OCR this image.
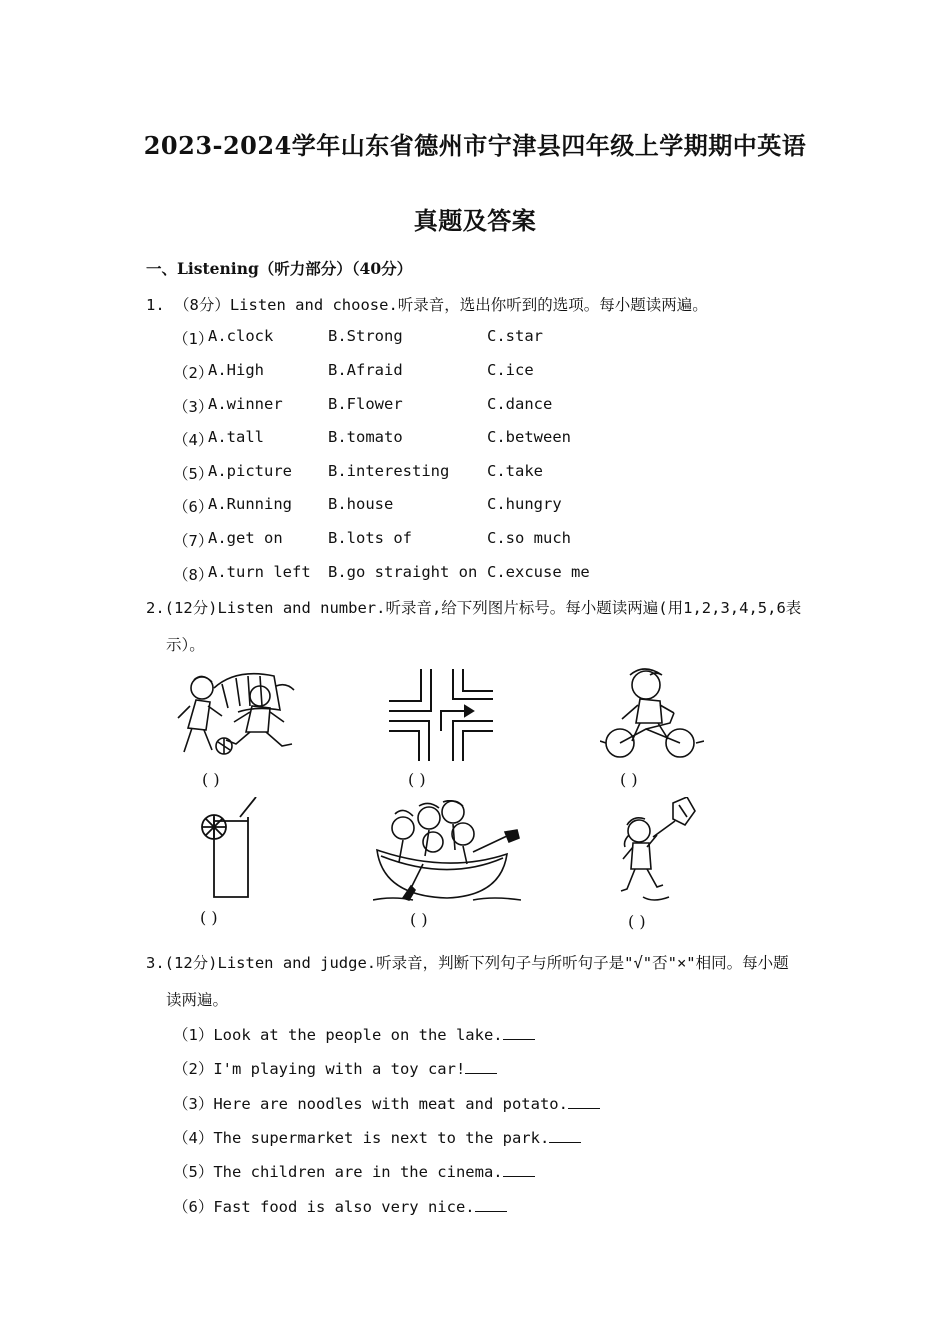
2023-2024学年山东省德州市宁津县四年级上学期期中英语
真题及答案
一、Listening（听力部分）（40分）
1. （8分）Listen and choose.听录音，选出你听到的选项。每小题读两遍。
（1）
A.clock	B.Strong	C.star
（2）
A.High	B.Afraid	C.ice
（3）
A.winner	B.Flower	C.dance
（4）
A.tall	B.tomato	C.between
（5）
A.picture B.interesting C.take
（6）
A.Running B.house	C.hungry
（7）
A.get on	B.lots of	C.so much
（8）
A.turn left B.go straight on C.excuse me
2.(12分)Listen and number.听录音,给下列图片标号。每小题读两遍(用1,2,3,4,5,6表
示）。
( )	( )	( )
( )	( )	( )
3.(12分)Listen and judge.听录音，判断下列句子与所听句子是"√"否"×"相同。每小题
读两遍。
（1）Look at the people on the lake.
（2）I'm playing with a toy car!
（3）Here are noodles with meat and potato.
（4）The supermarket is next to the park.
（5）The children are in the cinema.
（6）Fast food is also very nice.
